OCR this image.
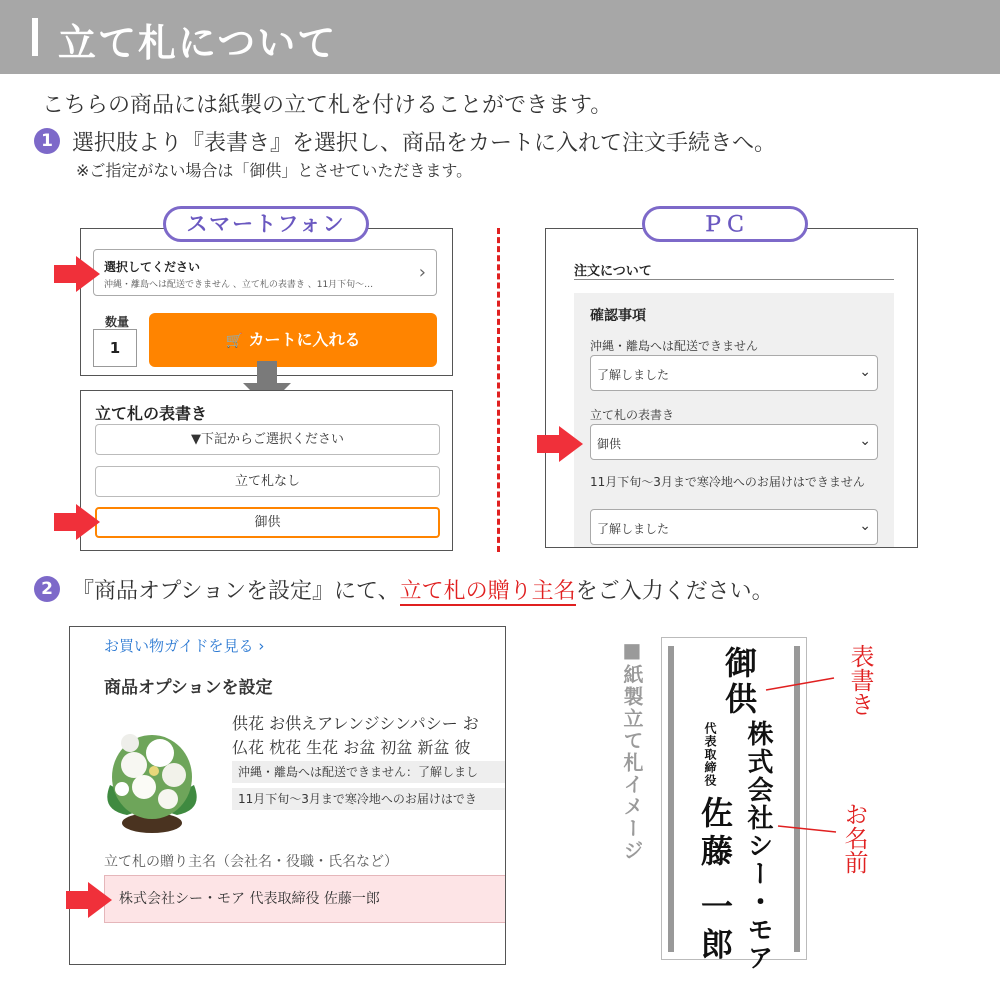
立て札について
こちらの商品には紙製の立て札を付けることができます。
1 選択肢より『表書き』を選択し、商品をカートに入れて注文手続きへ。
※ご指定がない場合は「御供」とさせていただきます。
スマートフォン
選択してください
沖縄・離島へは配送できません 、立て札の表書き 、11月下旬〜…
›
数量
1	🛒 カートに入れる
立て札の表書き
▼下記からご選択ください
立て札なし
御供
ＰＣ
注文について
確認事項
沖縄・離島へは配送できません
了解しました	⌄
立て札の表書き
御供	⌄
11月下旬〜3月まで寒冷地へのお届けはできません
了解しました	⌄
2 『商品オプションを設定』にて、立て札の贈り主名をご入力ください。
お買い物ガイドを見る ›
商品オプションを設定
供花 お供えアレンジシンパシー お
仏花 枕花 生花 お盆 初盆 新盆 彼
沖縄・離島へは配送できません：了解しまし
11月下旬〜3月まで寒冷地へのお届けはでき
立て札の贈り主名（会社名・役職・氏名など）
株式会社シー・モア 代表取締役 佐藤一郎
■紙製立て札イメージ 御供
株式会社シー・モア
代表取締役
佐藤 一郎
表書き
お名前
